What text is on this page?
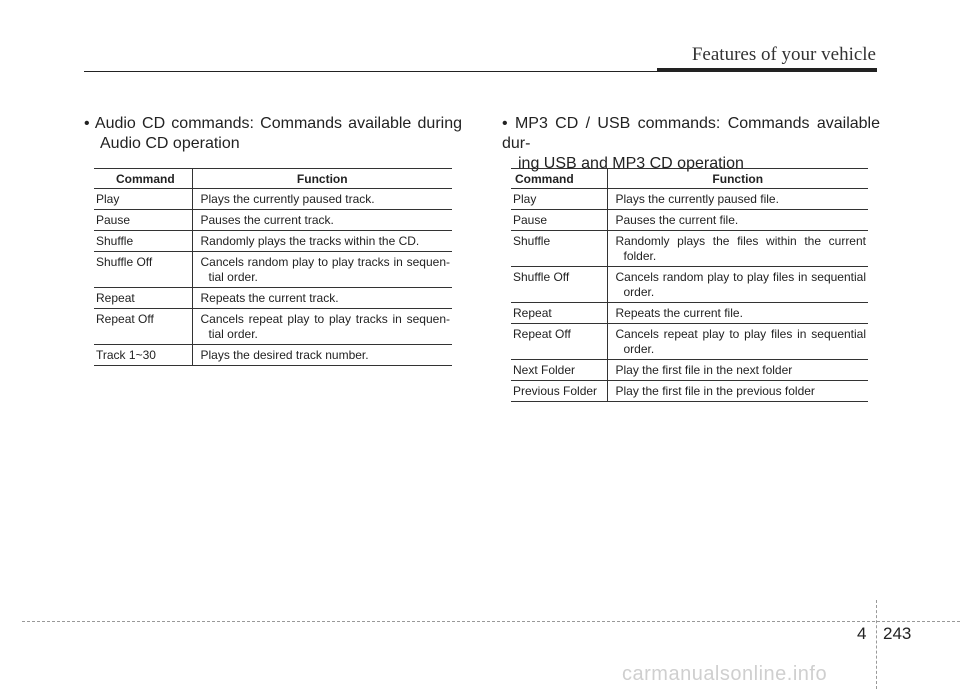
Features of your vehicle
• Audio CD commands: Commands available during
Audio CD operation
Command	Function
Play	Plays the currently paused track.

Pause	Pauses the current track.

Shuffle	Randomly plays the tracks within the CD.

Shuffle Off	Cancels random play to play tracks in sequen-
tial order.

Repeat	Repeats the current track.

Repeat Off	Cancels repeat play to play tracks in sequen-
tial order.

Track 1~30	Plays the desired track number.
• MP3 CD / USB commands: Commands available dur-
ing USB and MP3 CD operation
Command	Function
Play	Plays the currently paused file.

Pause	Pauses the current file.

Shuffle	Randomly plays the files within the current
folder.

Shuffle Off	Cancels random play to play files in sequential
order.

Repeat	Repeats the current file.

Repeat Off	Cancels repeat play to play files in sequential
order.

Next Folder	Play the first file in the next folder

Previous Folder	Play the first file in the previous folder
4 243
carmanualsonline.info
